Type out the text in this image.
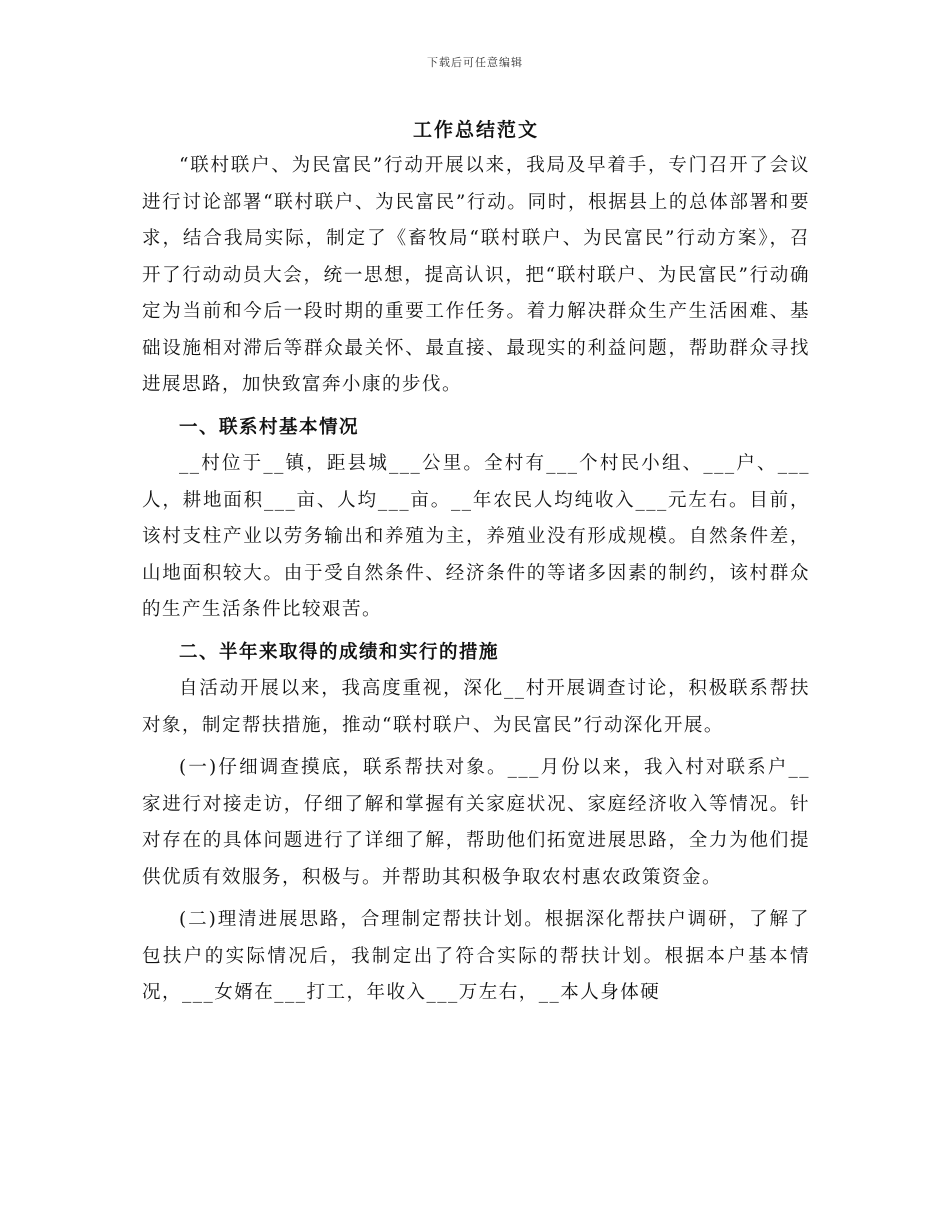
下载后可任意编辑
工作总结范文

“联村联户、为民富民”行动开展以来，我局及早着手，专门召开了会议进行讨论部署“联村联户、为民富民”行动。同时，根据县上的总体部署和要求，结合我局实际，制定了《畜牧局“联村联户、为民富民”行动方案》，召开了行动动员大会，统一思想，提高认识，把“联村联户、为民富民”行动确定为当前和今后一段时期的重要工作任务。着力解决群众生产生活困难、基础设施相对滞后等群众最关怀、最直接、最现实的利益问题，帮助群众寻找进展思路，加快致富奔小康的步伐。

一、联系村基本情况

__村位于__镇，距县城___公里。全村有___个村民小组、___户、___人，耕地面积___亩、人均___亩。__年农民人均纯收入___元左右。目前，该村支柱产业以劳务输出和养殖为主，养殖业没有形成规模。自然条件差，山地面积较大。由于受自然条件、经济条件的等诸多因素的制约，该村群众的生产生活条件比较艰苦。

二、半年来取得的成绩和实行的措施

自活动开展以来，我高度重视，深化__村开展调查讨论，积极联系帮扶对象，制定帮扶措施，推动“联村联户、为民富民”行动深化开展。

(一)仔细调查摸底，联系帮扶对象。___月份以来，我入村对联系户__家进行对接走访，仔细了解和掌握有关家庭状况、家庭经济收入等情况。针对存在的具体问题进行了详细了解，帮助他们拓宽进展思路，全力为他们提供优质有效服务，积极与。并帮助其积极争取农村惠农政策资金。

(二)理清进展思路，合理制定帮扶计划。根据深化帮扶户调研，了解了包扶户的实际情况后，我制定出了符合实际的帮扶计划。根据本户基本情况，___女婿在___打工，年收入___万左右，__本人身体硬
